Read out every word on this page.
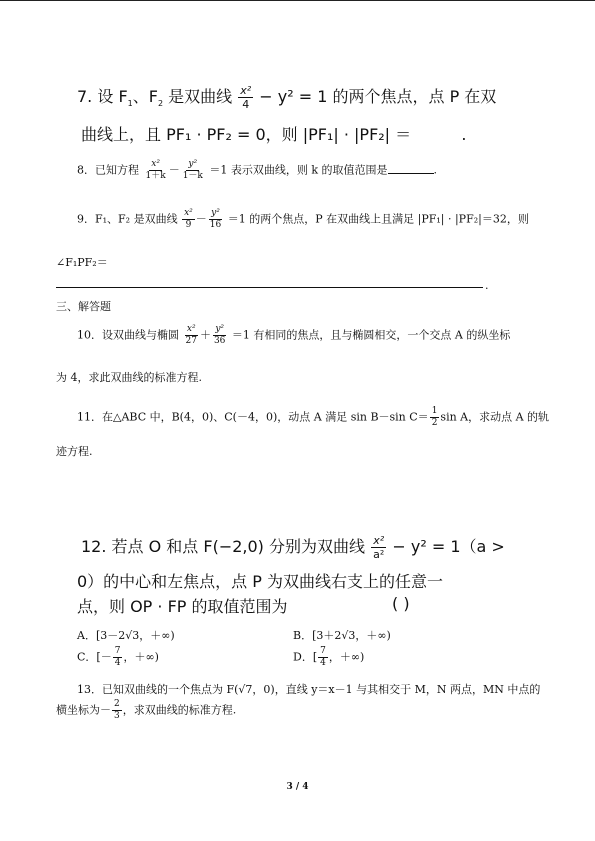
7. 设 $F_1$、$F_2$ 是双曲线 $\frac{\text{x²}}{4} - y^2 = 1$ 的两个焦点，点 P 在双
曲线上，且 PF₁ · PF₂ = 0，则 |PF₁| · |PF₂| ＝	.
8．已知方程 $\frac{\text{x²}}{1+k} - \frac{\text{y²}}{1-k} =1$ 表示双曲线，则 k 的取值范围是	.
9．F₁、F₂ 是双曲线 $\frac{\text{x²}}{9} - \frac{\text{y²}}{16} =1$ 的两个焦点，P 在双曲线上且满足 |PF₁| · |PF₂|＝32，则
∠F₁PF₂＝
.
三、解答题
10．设双曲线与椭圆 $\frac{\text{x²}}{27} + \frac{\text{y²}}{36} =1$ 有相同的焦点，且与椭圆相交，一个交点 A 的纵坐标
为 4，求此双曲线的标准方程.
11．在△ABC 中，B(4，0)、C(－4，0)，动点 A 满足 sin B－sin $C= \frac{1}{2}$ sin A，求动点 A 的轨
迹方程.
12. 若点 O 和点 F(−2,0) 分别为双曲线 $\frac{\text{x²}}{\text{a²}} - y^2 = 1(a$ >
0）的中心和左焦点，点 P 为双曲线右支上的任意一
点，则 OP · FP 的取值范围为	( )
A．[3－2√3，＋∞)	B．[3＋2√3，＋∞)
C．[－ $\frac{7}{4}$ ，＋∞)	D．[ $\frac{7}{4}$ ，＋∞)
13．已知双曲线的一个焦点为 F(√7，0)，直线 y＝x－1 与其相交于 M，N 两点，MN 中点的
横坐标为－ $\frac{2}{3}$ ，求双曲线的标准方程.
3 / 4
